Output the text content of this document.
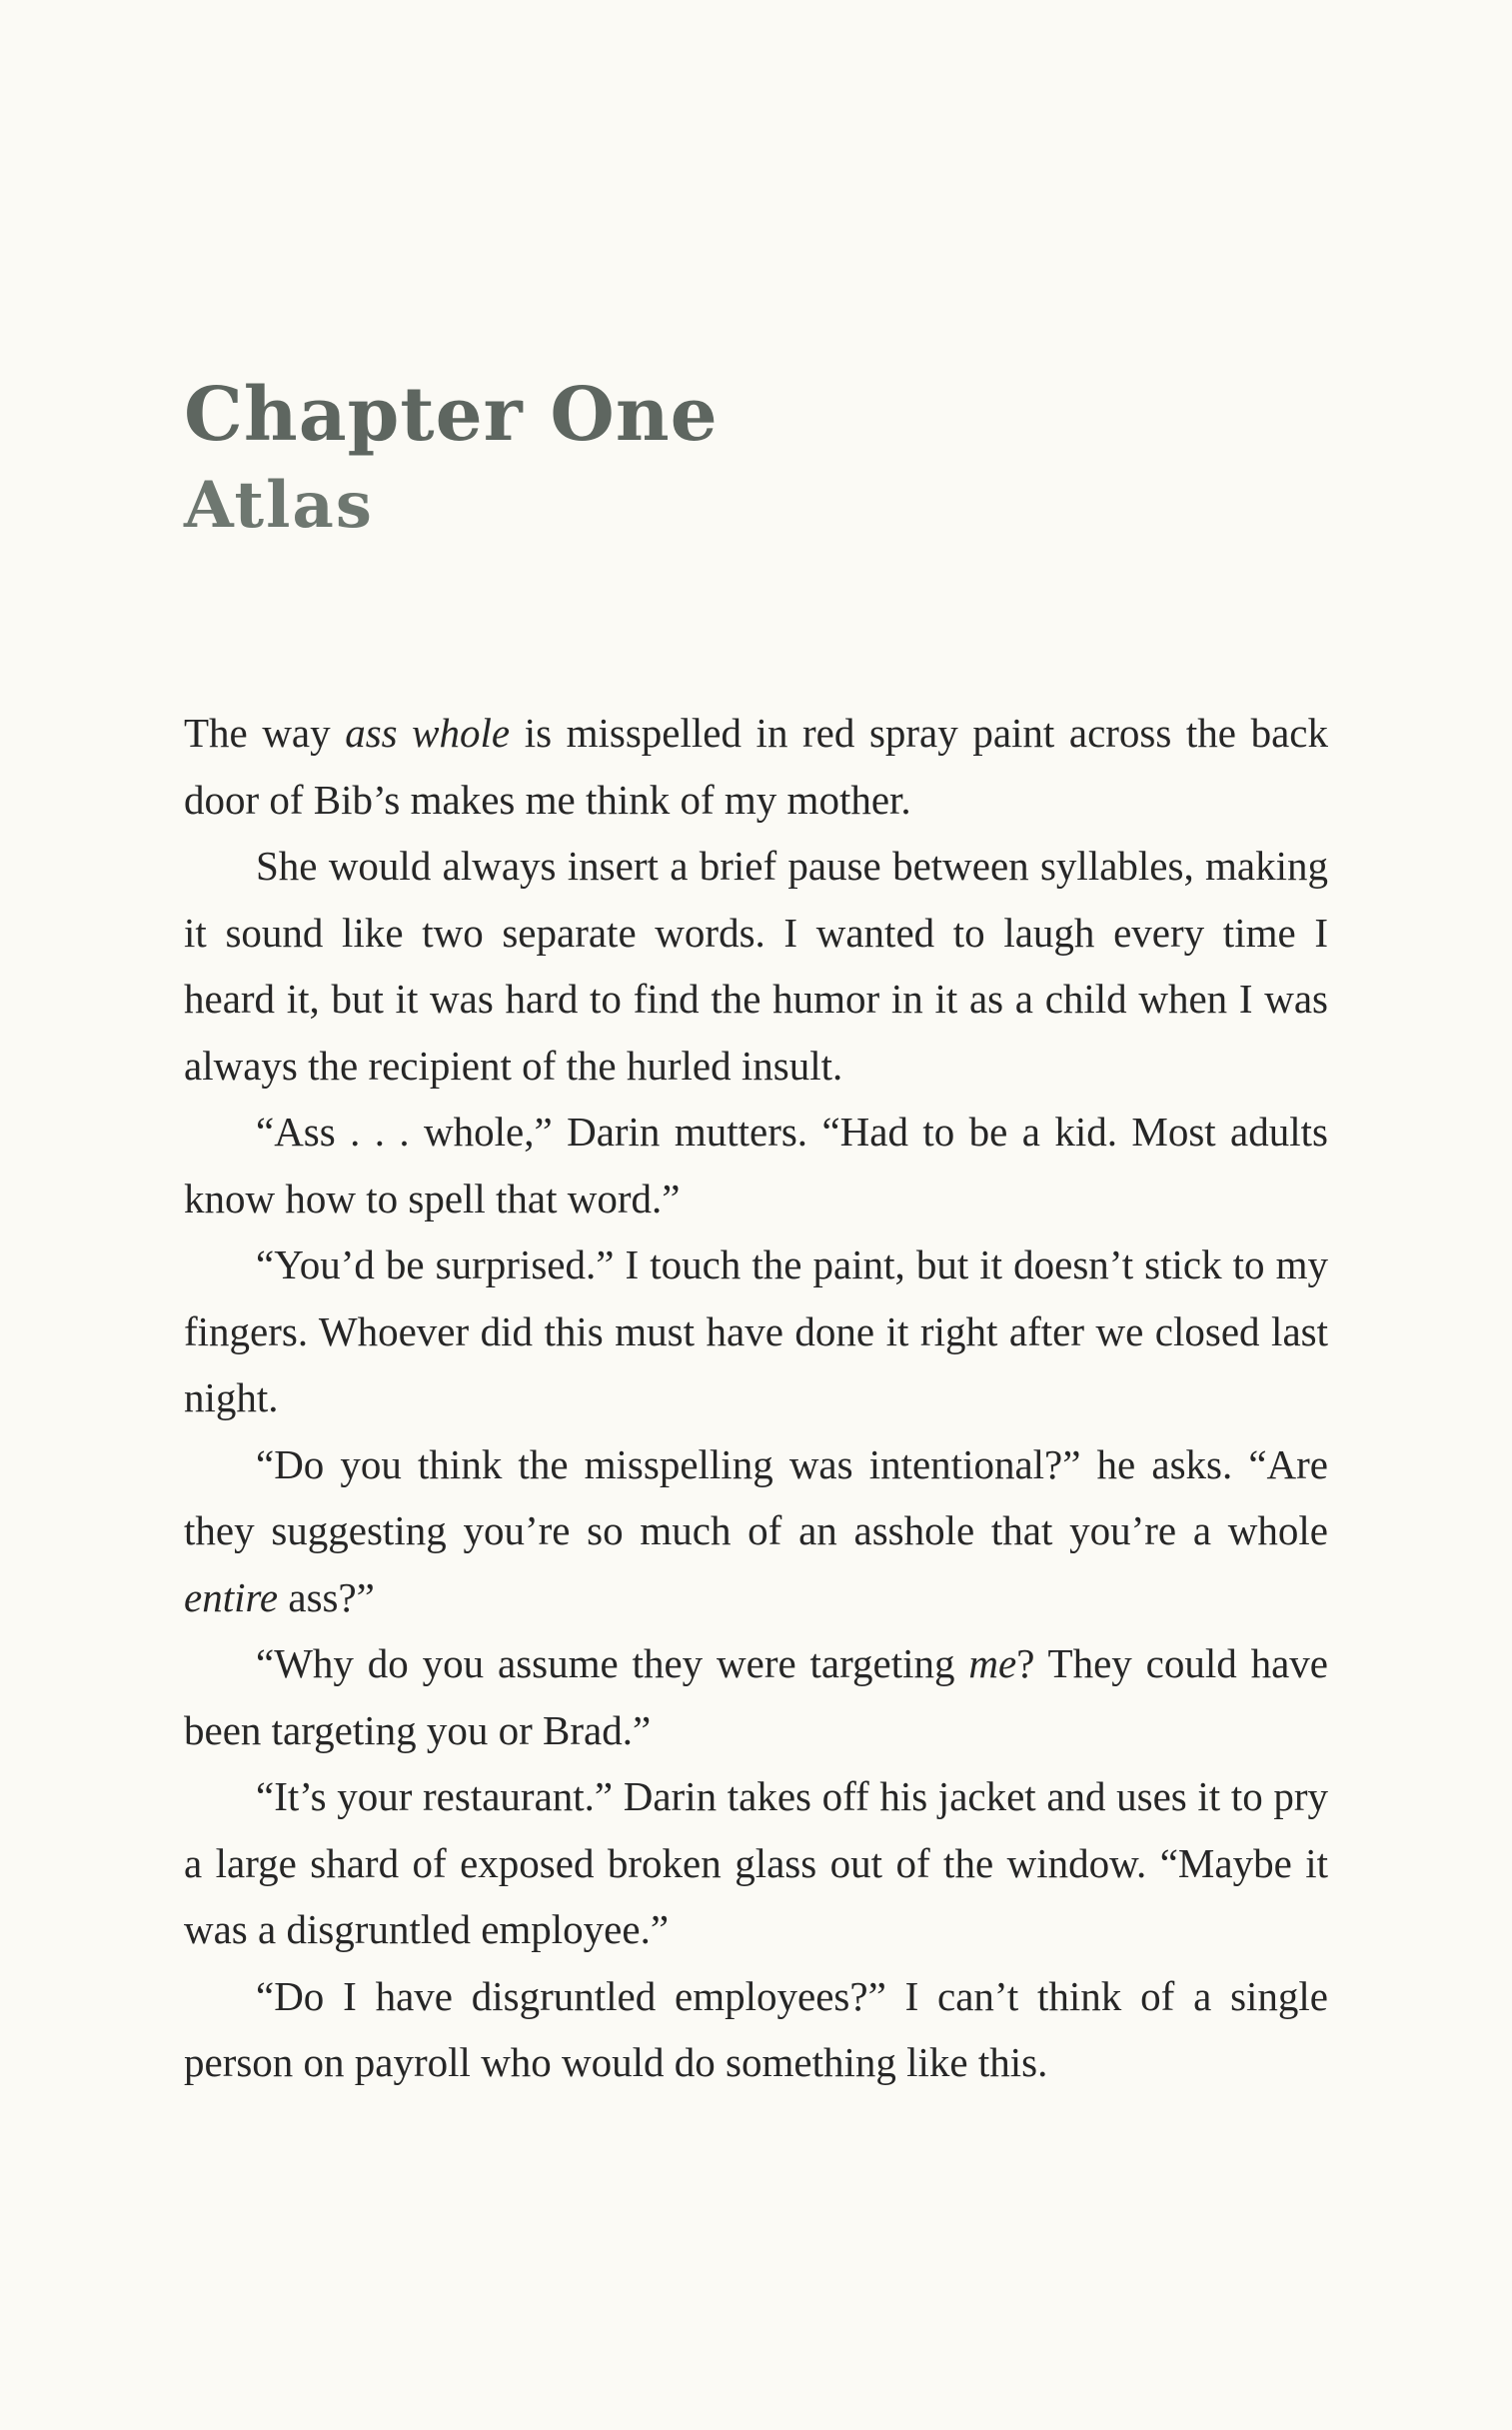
Chapter One
Atlas

The way ass whole is misspelled in red spray paint across the back door of Bib’s makes me think of my mother.

She would always insert a brief pause between syllables, making it sound like two separate words. I wanted to laugh every time I heard it, but it was hard to find the humor in it as a child when I was always the recipient of the hurled insult.

“Ass . . . whole,” Darin mutters. “Had to be a kid. Most adults know how to spell that word.”

“You’d be surprised.” I touch the paint, but it doesn’t stick to my fingers. Whoever did this must have done it right after we closed last night.

“Do you think the misspelling was intentional?” he asks. “Are they suggesting you’re so much of an asshole that you’re a whole entire ass?”

“Why do you assume they were targeting me? They could have been targeting you or Brad.”

“It’s your restaurant.” Darin takes off his jacket and uses it to pry a large shard of exposed broken glass out of the window. “Maybe it was a disgruntled employee.”

“Do I have disgruntled employees?” I can’t think of a single person on payroll who would do something like this.
